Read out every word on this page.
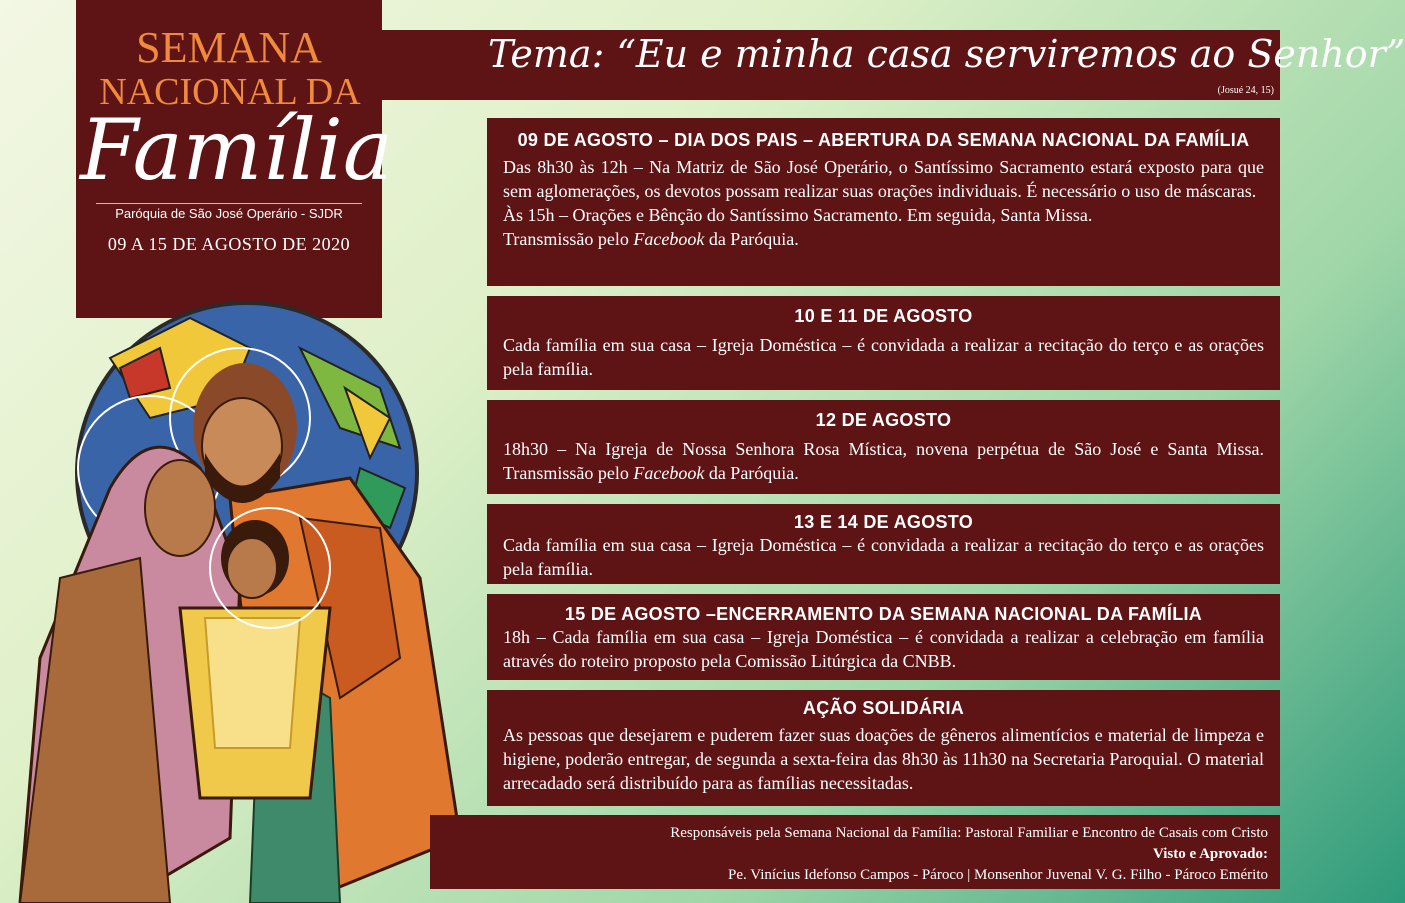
SEMANA
NACIONAL DA
Família
Paróquia de São José Operário - SJDR
09 A 15 DE AGOSTO DE 2020
Tema: “Eu e minha casa serviremos ao Senhor”
(Josué 24, 15)
09 DE AGOSTO – DIA DOS PAIS – ABERTURA DA SEMANA NACIONAL DA FAMÍLIA

Das 8h30 às 12h – Na Matriz de São José Operário, o Santíssimo Sacramento estará exposto para que sem aglomerações, os devotos possam realizar suas orações individuais. É necessário o uso de máscaras.

Às 15h – Orações e Bênção do Santíssimo Sacramento. Em seguida, Santa Missa.

Transmissão pelo Facebook da Paróquia.

10 E 11 DE AGOSTO

Cada família em sua casa – Igreja Doméstica – é convidada a realizar a recitação do terço e as orações pela família.

12 DE AGOSTO

18h30 – Na Igreja de Nossa Senhora Rosa Mística, novena perpétua de São José e Santa Missa. Transmissão pelo Facebook da Paróquia.

13 E 14 DE AGOSTO

Cada família em sua casa – Igreja Doméstica – é convidada a realizar a recitação do terço e as orações pela família.

15 DE AGOSTO –ENCERRAMENTO DA SEMANA NACIONAL DA FAMÍLIA

18h – Cada família em sua casa – Igreja Doméstica – é convidada a realizar a celebração em família através do roteiro proposto pela Comissão Litúrgica da CNBB.

AÇÃO SOLIDÁRIA

As pessoas que desejarem e puderem fazer suas doações de gêneros alimentícios e material de limpeza e higiene, poderão entregar, de segunda a sexta-feira das 8h30 às 11h30 na Secretaria Paroquial. O material arrecadado será distribuído para as famílias necessitadas.

Responsáveis pela Semana Nacional da Família: Pastoral Familiar e Encontro de Casais com Cristo
Visto e Aprovado:
Pe. Vinícius Idefonso Campos - Pároco | Monsenhor Juvenal V. G. Filho - Pároco Emérito
